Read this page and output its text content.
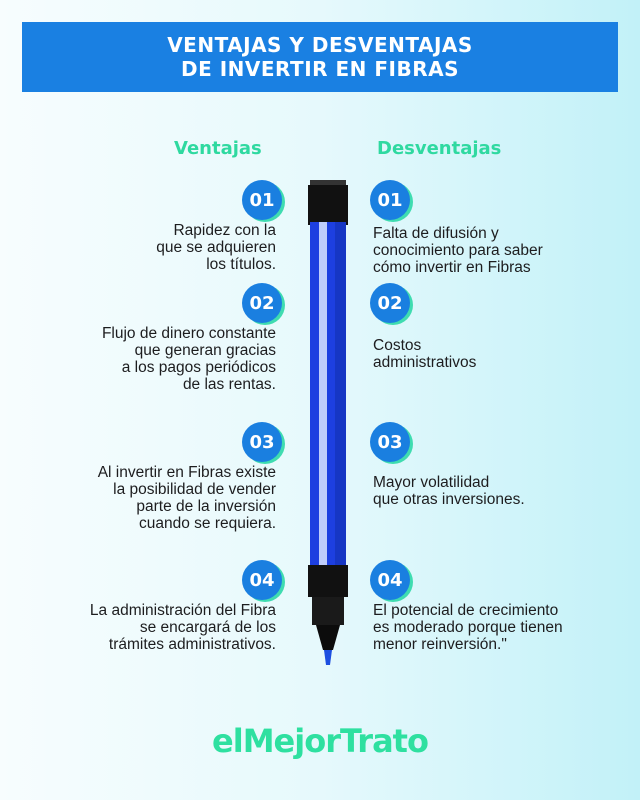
VENTAJAS Y DESVENTAJAS
DE INVERTIR EN FIBRAS
Ventajas	Desventajas
01
Rapidez con la
que se adquieren
los títulos.
02
Flujo de dinero constante
que generan gracias
a los pagos periódicos
de las rentas.
03
Al invertir en Fibras existe
la posibilidad de vender
parte de la inversión
cuando se requiera.
04
La administración del Fibra
se encargará de los
trámites administrativos.
01
Falta de difusión y
conocimiento para saber
cómo invertir en Fibras
02
Costos
administrativos
03
Mayor volatilidad
que otras inversiones.
04
El potencial de crecimiento
es moderado porque tienen
menor reinversión."
elMejorTrato
